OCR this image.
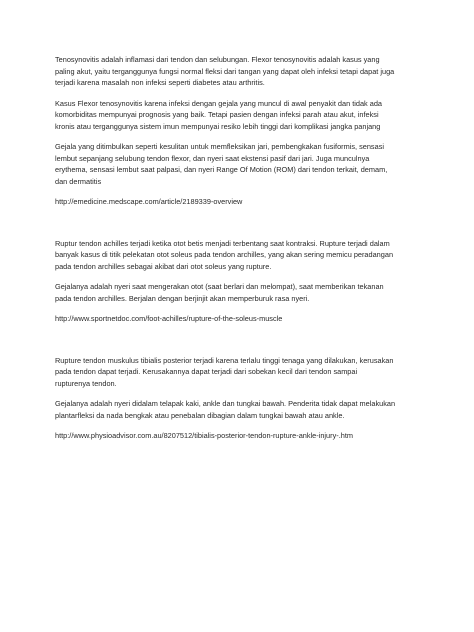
Tenosynovitis adalah inflamasi dari tendon dan selubungan. Flexor tenosynovitis adalah kasus yang
paling akut, yaitu terganggunya fungsi normal fleksi dari tangan yang dapat oleh infeksi tetapi dapat juga
terjadi karena masalah non infeksi seperti diabetes atau arthritis.

Kasus Flexor tenosynovitis karena infeksi dengan gejala yang muncul di awal penyakit dan tidak ada
komorbiditas mempunyai prognosis yang baik. Tetapi pasien dengan infeksi parah atau akut, infeksi
kronis atau terganggunya sistem imun mempunyai resiko lebih tinggi dari komplikasi jangka panjang

Gejala yang ditimbulkan seperti kesulitan untuk memfleksikan jari, pembengkakan fusiformis, sensasi
lembut sepanjang selubung tendon flexor, dan nyeri saat ekstensi pasif dari jari. Juga munculnya
erythema, sensasi lembut saat palpasi, dan nyeri Range Of Motion (ROM) dari tendon terkait, demam,
dan dermatitis

http://emedicine.medscape.com/article/2189339-overview

Ruptur tendon achilles terjadi ketika otot betis menjadi terbentang saat kontraksi. Rupture terjadi dalam
banyak kasus di titik pelekatan otot soleus pada tendon archilles, yang akan sering memicu peradangan
pada tendon archilles sebagai akibat dari otot soleus yang rupture.

Gejalanya adalah nyeri saat mengerakan otot (saat berlari dan melompat), saat memberikan tekanan
pada tendon archilles. Berjalan dengan berjinjit akan memperburuk rasa nyeri.

http://www.sportnetdoc.com/foot-achilles/rupture-of-the-soleus-muscle

Rupture tendon muskulus tibialis posterior terjadi karena terlalu tinggi tenaga yang dilakukan, kerusakan
pada tendon dapat terjadi. Kerusakannya dapat terjadi dari sobekan kecil dari tendon sampai
rupturenya tendon.

Gejalanya adalah nyeri didalam telapak kaki, ankle dan tungkai bawah. Penderita tidak dapat melakukan
plantarfleksi da nada bengkak atau penebalan dibagian dalam tungkai bawah atau ankle.

http://www.physioadvisor.com.au/8207512/tibialis-posterior-tendon-rupture-ankle-injury-.htm
